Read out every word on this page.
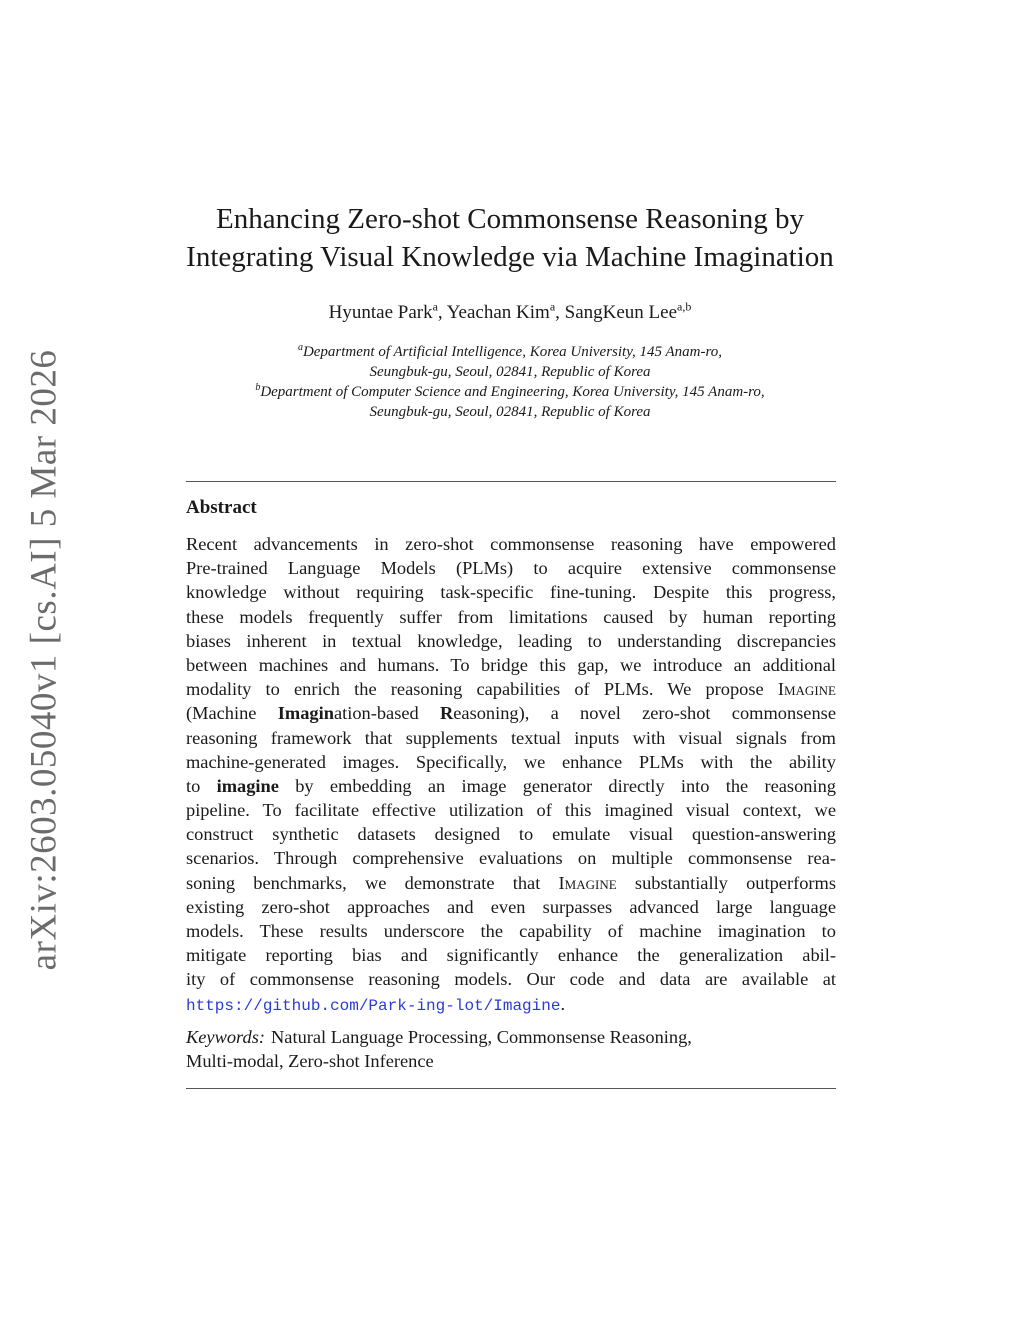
arXiv:2603.05040v1 [cs.AI] 5 Mar 2026
Enhancing Zero-shot Commonsense Reasoning by
Integrating Visual Knowledge via Machine Imagination
Hyuntae Park$^a$, Yeachan Kim$^a$, SangKeun Lee$^{a,b}$
$^a$Department of Artificial Intelligence, Korea University, 145 Anam-ro,
Seungbuk-gu, Seoul, 02841, Republic of Korea
$^b$Department of Computer Science and Engineering, Korea University, 145 Anam-ro,
Seungbuk-gu, Seoul, 02841, Republic of Korea
Abstract
Recent advancements in zero-shot commonsense reasoning have empowered
Pre-trained Language Models (PLMs) to acquire extensive commonsense
knowledge without requiring task-specific fine-tuning. Despite this progress,
these models frequently suffer from limitations caused by human reporting
biases inherent in textual knowledge, leading to understanding discrepancies
between machines and humans. To bridge this gap, we introduce an additional
modality to enrich the reasoning capabilities of PLMs. We propose Imagine
(Machine Imagination-based Reasoning), a novel zero-shot commonsense
reasoning framework that supplements textual inputs with visual signals from
machine-generated images. Specifically, we enhance PLMs with the ability
to imagine by embedding an image generator directly into the reasoning
pipeline. To facilitate effective utilization of this imagined visual context, we
construct synthetic datasets designed to emulate visual question-answering
scenarios. Through comprehensive evaluations on multiple commonsense rea-
soning benchmarks, we demonstrate that Imagine substantially outperforms
existing zero-shot approaches and even surpasses advanced large language
models. These results underscore the capability of machine imagination to
mitigate reporting bias and significantly enhance the generalization abil-
ity of commonsense reasoning models. Our code and data are available at
https://github.com/Park-ing-lot/Imagine.
Keywords: Natural Language Processing, Commonsense Reasoning,
Multi-modal, Zero-shot Inference
